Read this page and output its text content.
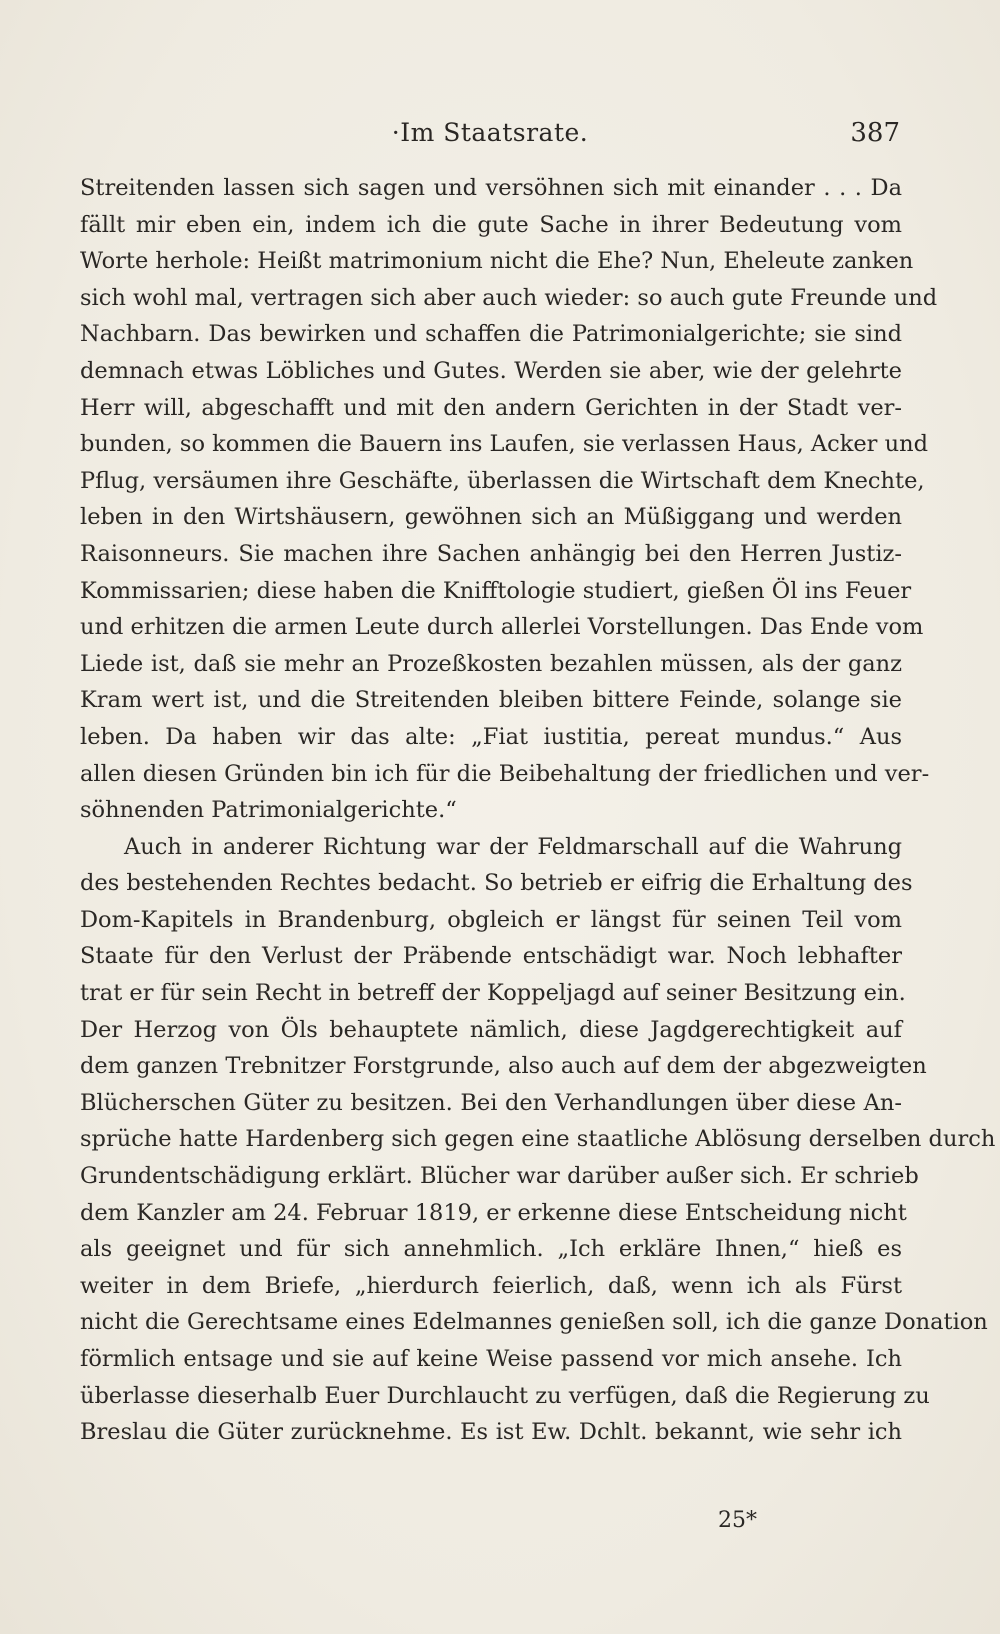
·Im Staatsrate.	387
Streitenden lassen sich sagen und versöhnen sich mit einander . . . Da
fällt mir eben ein, indem ich die gute Sache in ihrer Bedeutung vom
Worte herhole: Heißt matrimonium nicht die Ehe? Nun, Eheleute zanken
sich wohl mal, vertragen sich aber auch wieder: so auch gute Freunde und
Nachbarn. Das bewirken und schaffen die Patrimonialgerichte; sie sind
demnach etwas Löbliches und Gutes. Werden sie aber, wie der gelehrte
Herr will, abgeschafft und mit den andern Gerichten in der Stadt ver-
bunden, so kommen die Bauern ins Laufen, sie verlassen Haus, Acker und
Pflug, versäumen ihre Geschäfte, überlassen die Wirtschaft dem Knechte,
leben in den Wirtshäusern, gewöhnen sich an Müßiggang und werden
Raisonneurs. Sie machen ihre Sachen anhängig bei den Herren Justiz-
Kommissarien; diese haben die Knifftologie studiert, gießen Öl ins Feuer
und erhitzen die armen Leute durch allerlei Vorstellungen. Das Ende vom
Liede ist, daß sie mehr an Prozeßkosten bezahlen müssen, als der ganz
Kram wert ist, und die Streitenden bleiben bittere Feinde, solange sie
leben. Da haben wir das alte: „Fiat iustitia, pereat mundus.“ Aus
allen diesen Gründen bin ich für die Beibehaltung der friedlichen und ver-
söhnenden Patrimonialgerichte.“
Auch in anderer Richtung war der Feldmarschall auf die Wahrung
des bestehenden Rechtes bedacht. So betrieb er eifrig die Erhaltung des
Dom-Kapitels in Brandenburg, obgleich er längst für seinen Teil vom
Staate für den Verlust der Präbende entschädigt war. Noch lebhafter
trat er für sein Recht in betreff der Koppeljagd auf seiner Besitzung ein.
Der Herzog von Öls behauptete nämlich, diese Jagdgerechtigkeit auf
dem ganzen Trebnitzer Forstgrunde, also auch auf dem der abgezweigten
Blücherschen Güter zu besitzen. Bei den Verhandlungen über diese An-
sprüche hatte Hardenberg sich gegen eine staatliche Ablösung derselben durch
Grundentschädigung erklärt. Blücher war darüber außer sich. Er schrieb
dem Kanzler am 24. Februar 1819, er erkenne diese Entscheidung nicht
als geeignet und für sich annehmlich. „Ich erkläre Ihnen,“ hieß es
weiter in dem Briefe, „hierdurch feierlich, daß, wenn ich als Fürst
nicht die Gerechtsame eines Edelmannes genießen soll, ich die ganze Donation
förmlich entsage und sie auf keine Weise passend vor mich ansehe. Ich
überlasse dieserhalb Euer Durchlaucht zu verfügen, daß die Regierung zu
Breslau die Güter zurücknehme. Es ist Ew. Dchlt. bekannt, wie sehr ich
25*
